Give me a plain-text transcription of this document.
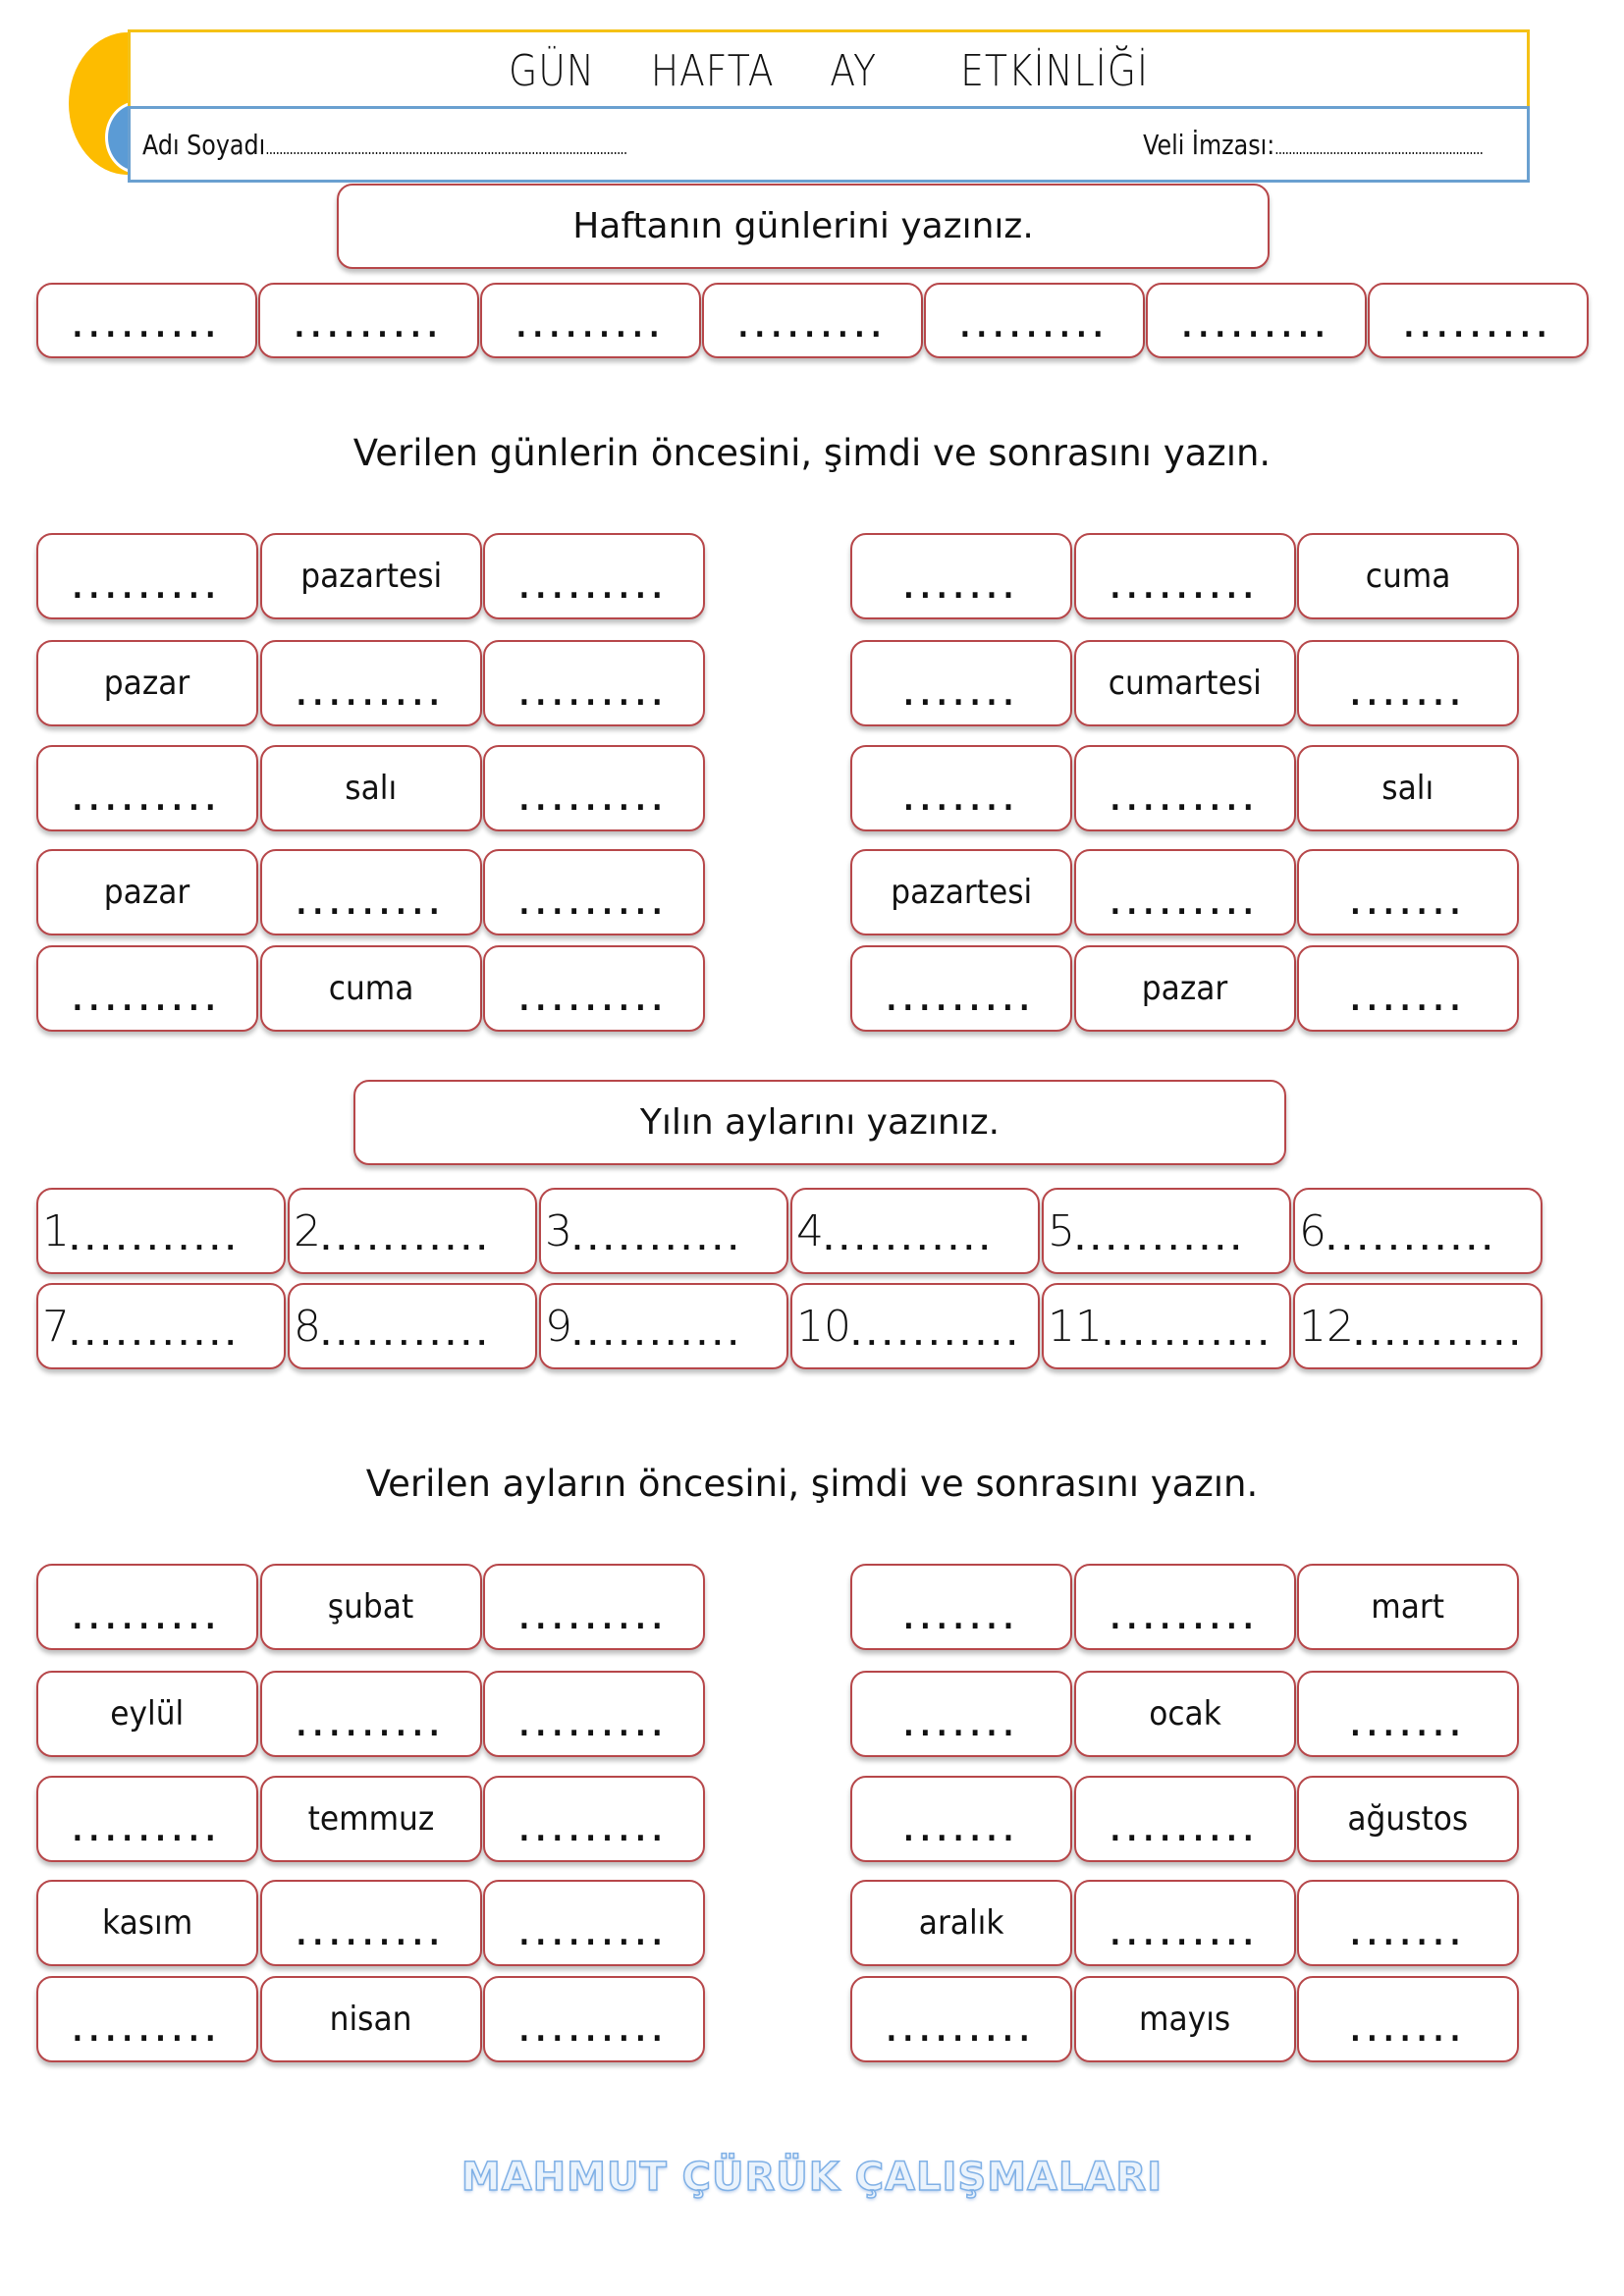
GÜN  HAFTA  AY   ETKİNLİĞİ
Adı Soyadı..........................................................................................................	Veli İmzası:.............................................................
Haftanın günlerini yazınız.
......... ......... ......... ......... ......... ......... .........
Verilen günlerin öncesini, şimdi ve sonrasını yazın.
......... pazartesi	.........
pazar	......... .........
.........	salı	.........
pazar	......... .........
.........	cuma	.........
.......	.........	cuma
.......	cumartesi	.......
.......	.........	salı
pazartesi	.........	.......
.........	pazar	.......
Yılın aylarını yazınız.
1 ........... 2 ........... 3 ........... 4 ........... 5 ........... 6 ...........
7 ........... 8 ........... 9 ........... 10 ........... 11 ........... 12 ...........
Verilen ayların öncesini, şimdi ve sonrasını yazın.
.........	şubat	.........
eylül	......... .........
.........	temmuz	.........
kasım	......... .........
.........	nisan	.........
.......	.........	mart
.......	ocak	.......
.......	.........	ağustos
aralık	.........	.......
.........	mayıs	.......
MAHMUT ÇÜRÜK ÇALIŞMALARI
